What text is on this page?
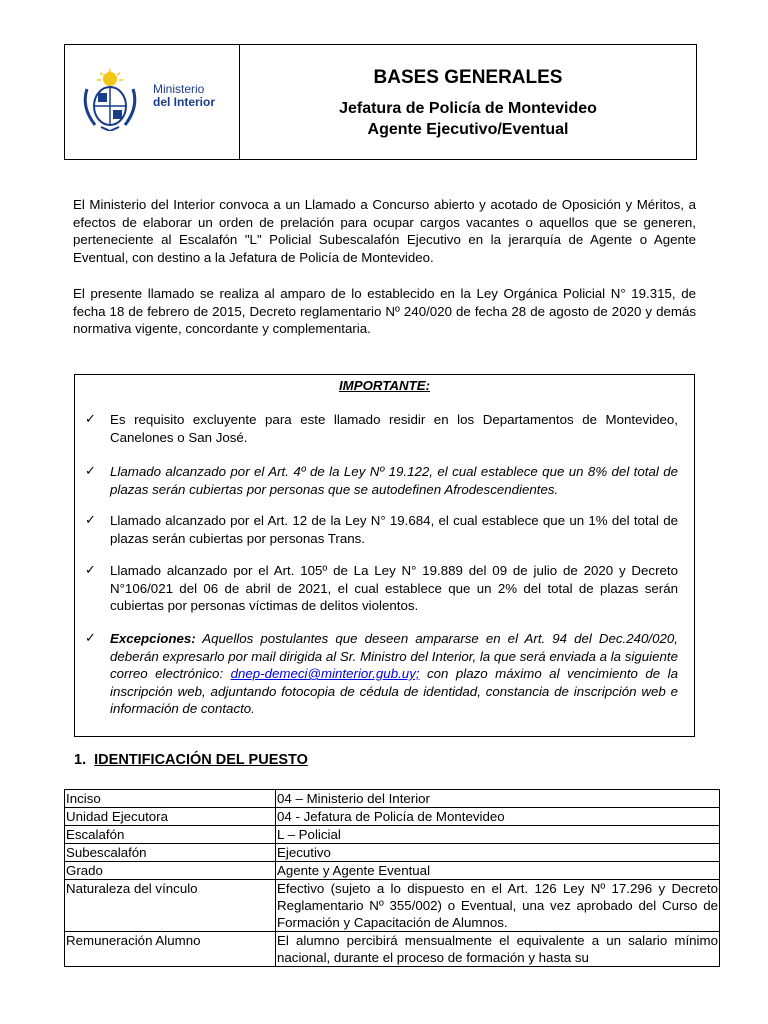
Ministerio
del Interior
BASES GENERALES
Jefatura de Policía de Montevideo
Agente Ejecutivo/Eventual
El Ministerio del Interior convoca a un Llamado a Concurso abierto y acotado de Oposición y Méritos, a efectos de elaborar un orden de prelación para ocupar cargos vacantes o aquellos que se generen, perteneciente al Escalafón "L" Policial Subescalafón Ejecutivo en la jerarquía de Agente o Agente Eventual, con destino a la Jefatura de Policía de Montevideo.
El presente llamado se realiza al amparo de lo establecido en la Ley Orgánica Policial N° 19.315, de fecha 18 de febrero de 2015, Decreto reglamentario Nº 240/020 de fecha 28 de agosto de 2020 y demás normativa vigente, concordante y complementaria.
IMPORTANTE:
✓ Es requisito excluyente para este llamado residir en los Departamentos de Montevideo, Canelones o San José.
✓ Llamado alcanzado por el Art. 4º de la Ley Nº 19.122, el cual establece que un 8% del total de plazas serán cubiertas por personas que se autodefinen Afrodescendientes.
✓ Llamado alcanzado por el Art. 12 de la Ley N° 19.684, el cual establece que un 1% del total de plazas serán cubiertas por personas Trans.
✓ Llamado alcanzado por el Art. 105º de La Ley N° 19.889 del 09 de julio de 2020 y Decreto N°106/021 del 06 de abril de 2021, el cual establece que un 2% del total de plazas serán cubiertas por personas víctimas de delitos violentos.
✓ Excepciones: Aquellos postulantes que deseen ampararse en el Art. 94 del Dec.240/020, deberán expresarlo por mail dirigida al Sr. Ministro del Interior, la que será enviada a la siguiente correo electrónico: dnep-demeci@minterior.gub.uy; con plazo máximo al vencimiento de la inscripción web, adjuntando fotocopia de cédula de identidad, constancia de inscripción web e información de contacto.
1. IDENTIFICACIÓN DEL PUESTO
Inciso	04 – Ministerio del Interior
Unidad Ejecutora	04 - Jefatura de Policía de Montevideo
Escalafón	L – Policial
Subescalafón	Ejecutivo
Grado	Agente y Agente Eventual
Naturaleza del vínculo	Efectivo (sujeto a lo dispuesto en el Art. 126 Ley Nº 17.296 y Decreto Reglamentario Nº 355/002) o Eventual, una vez aprobado del Curso de Formación y Capacitación de Alumnos.
Remuneración Alumno	El alumno percibirá mensualmente el equivalente a un salario mínimo nacional, durante el proceso de formación y hasta su
